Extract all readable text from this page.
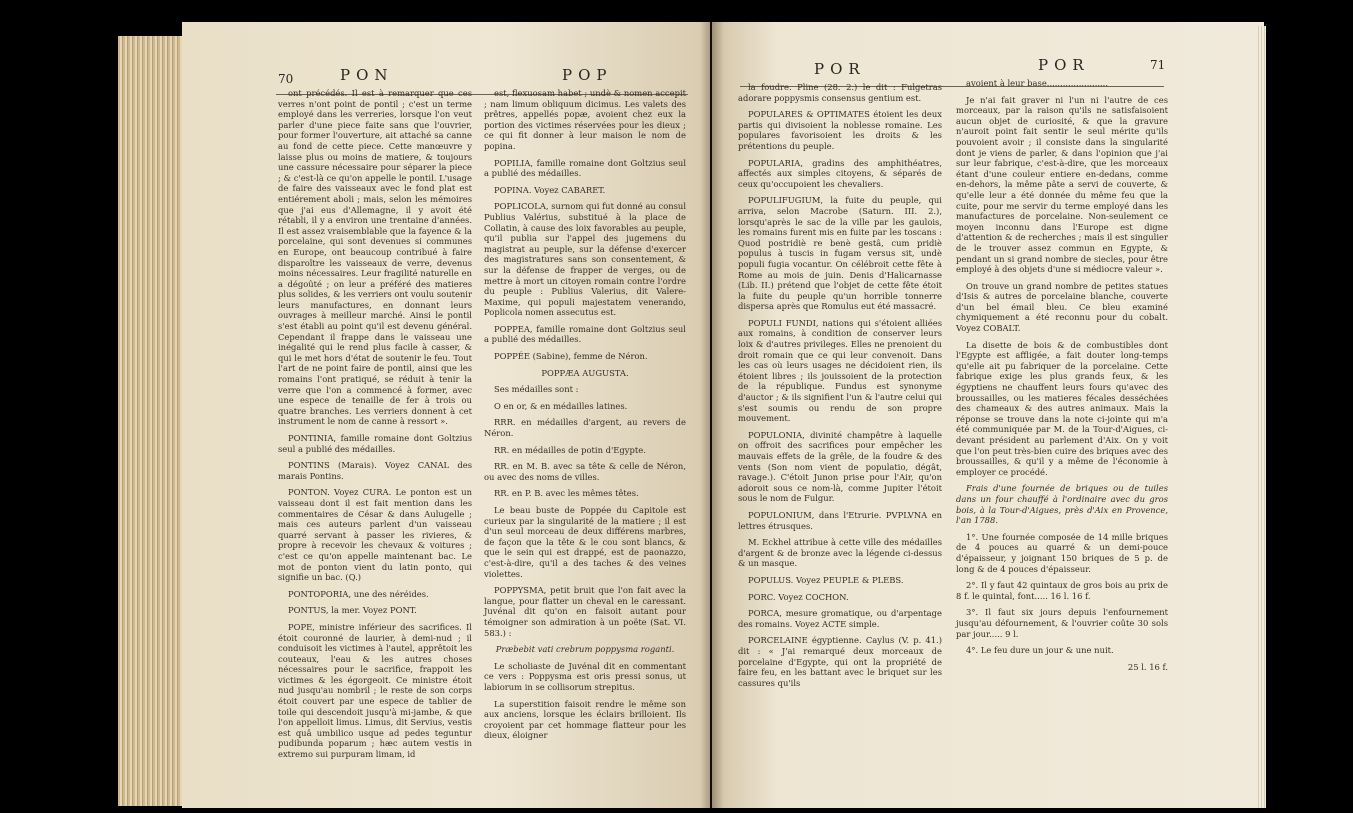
70	PON	POP

ont précédés. Il est à remarquer que ces verres n'ont point de pontil ; c'est un terme employé dans les verreries, lorsque l'on veut parler d'une piece faite sans que l'ouvrier, pour former l'ouverture, ait attaché sa canne au fond de cette piece. Cette manœuvre y laisse plus ou moins de matiere, & toujours une cassure nécessaire pour séparer la piece ; & c'est-là ce qu'on appelle le pontil. L'usage de faire des vaisseaux avec le fond plat est entiérement aboli ; mais, selon les mémoires que j'ai eus d'Allemagne, il y avoit été rétabli, il y a environ une trentaine d'années. Il est assez vraisemblable que la fayence & la porcelaine, qui sont devenues si communes en Europe, ont beaucoup contribué à faire disparoître les vaisseaux de verre, devenus moins nécessaires. Leur fragilité naturelle en a dégoûté ; on leur a préféré des matieres plus solides, & les verriers ont voulu soutenir leurs manufactures, en donnant leurs ouvrages à meilleur marché. Ainsi le pontil s'est établi au point qu'il est devenu général. Cependant il frappe dans le vaisseau une inégalité qui le rend plus facile à casser, & qui le met hors d'état de soutenir le feu. Tout l'art de ne point faire de pontil, ainsi que les romains l'ont pratiqué, se réduit à tenir la verre que l'on a commencé à former, avec une espece de tenaille de fer à trois ou quatre branches. Les verriers donnent à cet instrument le nom de canne à ressort ».

PONTINIA, famille romaine dont Goltzius seul a publié des médailles.

PONTINS (Marais). Voyez CANAL des marais Pontins.

PONTON. Voyez CURA. Le ponton est un vaisseau dont il est fait mention dans les commentaires de César & dans Aulugelle ; mais ces auteurs parlent d'un vaisseau quarré servant à passer les rivieres, & propre à recevoir les chevaux & voitures ; c'est ce qu'on appelle maintenant bac. Le mot de ponton vient du latin ponto, qui signifie un bac. (Q.)

PONTOPORIA, une des néréides.

PONTUS, la mer. Voyez PONT.

POPE, ministre inférieur des sacrifices. Il étoit couronné de laurier, à demi-nud ; il conduisoit les victimes à l'autel, apprêtoit les couteaux, l'eau & les autres choses nécessaires pour le sacrifice, frappoit les victimes & les égorgeoit. Ce ministre étoit nud jusqu'au nombril ; le reste de son corps étoit couvert par une espece de tablier de toile qui descendoit jusqu'à mi-jambe, & que l'on appelloit limus. Limus, dit Servius, vestis est quâ umbilico usque ad pedes teguntur pudibunda poparum ; hæc autem vestis in extremo sui purpuram limam, id

est, flexuosam habet ; undè & nomen accepit ; nam limum obliquum dicimus. Les valets des prêtres, appellés popæ, avoient chez eux la portion des victimes réservées pour les dieux ; ce qui fit donner à leur maison le nom de popina.

POPILIA, famille romaine dont Goltzius seul a publié des médailles.

POPINA. Voyez CABARET.

POPLICOLA, surnom qui fut donné au consul Publius Valérius, substitué à la place de Collatin, à cause des loix favorables au peuple, qu'il publia sur l'appel des jugemens du magistrat au peuple, sur la défense d'exercer des magistratures sans son consentement, & sur la défense de frapper de verges, ou de mettre à mort un citoyen romain contre l'ordre du peuple : Publius Valerius, dit Valere-Maxime, qui populi majestatem venerando, Poplicola nomen assecutus est.

POPPEA, famille romaine dont Goltzius seul a publié des médailles.

POPPÉE (Sabine), femme de Néron.

POPPÆA AUGUSTA.

Ses médailles sont :

O en or, & en médailles latines.

RRR. en médailles d'argent, au revers de Néron.

RR. en médailles de potin d'Egypte.

RR. en M. B. avec sa tête & celle de Néron, ou avec des noms de villes.

RR. en P. B. avec les mêmes têtes.

Le beau buste de Poppée du Capitole est curieux par la singularité de la matiere ; il est d'un seul morceau de deux différens marbres, de façon que la tête & le cou sont blancs, & que le sein qui est drappé, est de paonazzo, c'est-à-dire, qu'il a des taches & des veines violettes.

POPPYSMA, petit bruit que l'on fait avec la langue, pour flatter un cheval en le caressant. Juvénal dit qu'on en faisoit autant pour témoigner son admiration à un poëte (Sat. VI. 583.) :

Præbebit vati crebrum poppysma roganti.

Le scholiaste de Juvénal dit en commentant ce vers : Poppysma est oris pressi sonus, ut labiorum in se collisorum strepitus.

La superstition faisoit rendre le même son aux anciens, lorsque les éclairs brilloient. Ils croyoient par cet hommage flatteur pour les dieux, éloigner

POR	POR	71

la foudre. Pline (28. 2.) le dit : Fulgetras adorare poppysmis consensus gentium est.

POPULARES & OPTIMATES étoient les deux partis qui divisoient la noblesse romaine. Les populares favorisoient les droits & les prétentions du peuple.

POPULARIA, gradins des amphithéatres, affectés aux simples citoyens, & séparés de ceux qu'occupoient les chevaliers.

POPULIFUGIUM, la fuite du peuple, qui arriva, selon Macrobe (Saturn. III. 2.), lorsqu'après le sac de la ville par les gaulois, les romains furent mis en fuite par les toscans : Quod postridiè re benè gestâ, cum pridiè populus à tuscis in fugam versus sit, undè populi fugia vocantur. On célébroit cette fête à Rome au mois de juin. Denis d'Halicarnasse (Lib. II.) prétend que l'objet de cette fête étoit la fuite du peuple qu'un horrible tonnerre dispersa après que Romulus eut été massacré.

POPULI FUNDI, nations qui s'étoient alliées aux romains, à condition de conserver leurs loix & d'autres privileges. Elles ne prenoient du droit romain que ce qui leur convenoit. Dans les cas où leurs usages ne décidoient rien, ils étoient libres ; ils jouissoient de la protection de la république. Fundus est synonyme d'auctor ; & ils signifient l'un & l'autre celui qui s'est soumis ou rendu de son propre mouvement.

POPULONIA, divinité champêtre à laquelle on offroit des sacrifices pour empêcher les mauvais effets de la grêle, de la foudre & des vents (Son nom vient de populatio, dégât, ravage.). C'étoit Junon prise pour l'Air, qu'on adoroit sous ce nom-là, comme Jupiter l'étoit sous le nom de Fulgur.

POPULONIUM, dans l'Etrurie. PVPLVNA en lettres étrusques.

M. Eckhel attribue à cette ville des médailles d'argent & de bronze avec la légende ci-dessus & un masque.

POPULUS. Voyez PEUPLE & PLEBS.

PORC. Voyez COCHON.

PORCA, mesure gromatique, ou d'arpentage des romains. Voyez ACTE simple.

PORCELAINE égyptienne. Caylus (V. p. 41.) dit : « J'ai remarqué deux morceaux de porcelaine d'Egypte, qui ont la propriété de faire feu, en les battant avec le briquet sur les cassures qu'ils

avoient à leur base.......................

Je n'ai fait graver ni l'un ni l'autre de ces morceaux, par la raison qu'ils ne satisfaisoient aucun objet de curiosité, & que la gravure n'auroit point fait sentir le seul mérite qu'ils pouvoient avoir ; il consiste dans la singularité dont je viens de parler, & dans l'opinion que j'ai sur leur fabrique, c'est-à-dire, que les morceaux étant d'une couleur entiere en-dedans, comme en-dehors, la même pâte a servi de couverte, & qu'elle leur a été donnée du même feu que la cuite, pour me servir du terme employé dans les manufactures de porcelaine. Non-seulement ce moyen inconnu dans l'Europe est digne d'attention & de recherches ; mais il est singulier de le trouver assez commun en Egypte, & pendant un si grand nombre de siecles, pour être employé à des objets d'une si médiocre valeur ».

On trouve un grand nombre de petites statues d'Isis & autres de porcelaine blanche, couverte d'un bel émail bleu. Ce bleu examiné chymiquement a été reconnu pour du cobalt. Voyez COBALT.

La disette de bois & de combustibles dont l'Egypte est affligée, a fait douter long-temps qu'elle ait pu fabriquer de la porcelaine. Cette fabrique exige les plus grands feux, & les égyptiens ne chauffent leurs fours qu'avec des broussailles, ou les matieres fécales desséchées des chameaux & des autres animaux. Mais la réponse se trouve dans la note ci-jointe qui m'a été communiquée par M. de la Tour-d'Aigues, ci-devant président au parlement d'Aix. On y voit que l'on peut très-bien cuire des briques avec des broussailles, & qu'il y a même de l'économie à employer ce procédé.

Frais d'une fournée de briques ou de tuiles dans un four chauffé à l'ordinaire avec du gros bois, à la Tour-d'Aigues, près d'Aix en Provence, l'an 1788.

1°. Une fournée composée de 14 mille briques de 4 pouces au quarré & un demi-pouce d'épaisseur, y joignant 150 briques de 5 p. de long & de 4 pouces d'épaisseur.

2°. Il y faut 42 quintaux de gros bois au prix de 8 f. le quintal, font..... 16 l. 16 f.

3°. Il faut six jours depuis l'enfournement jusqu'au défournement, & l'ouvrier coûte 30 sols par jour..... 9 l.

4°. Le feu dure un jour & une nuit.

25 l. 16 f.
